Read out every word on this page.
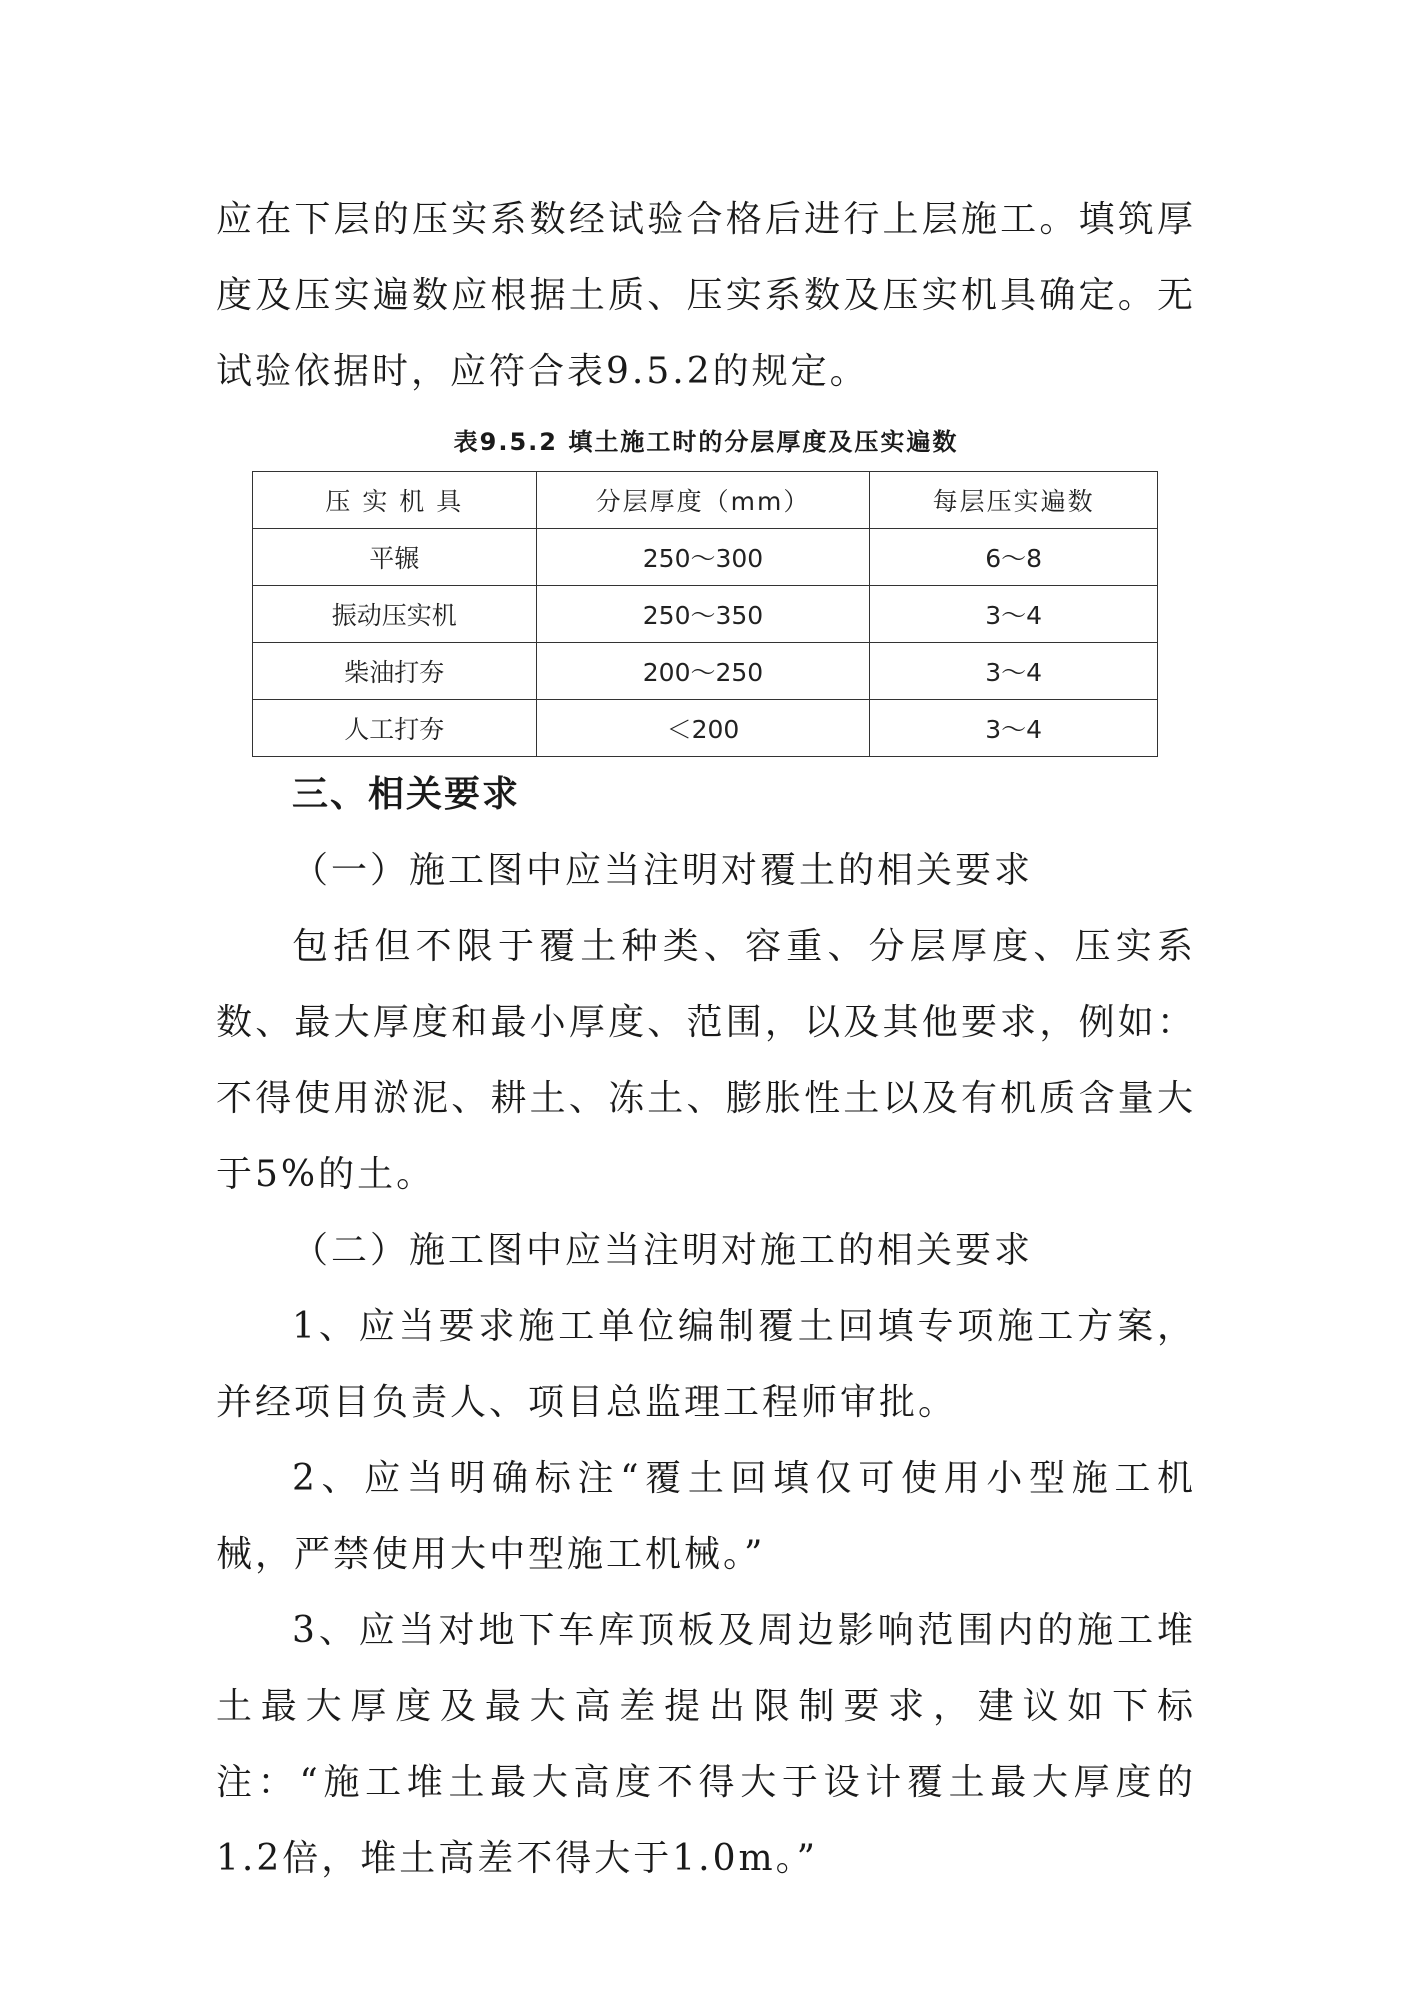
应在下层的压实系数经试验合格后进行上层施工。填筑厚度及压实遍数应根据土质、压实系数及压实机具确定。无试验依据时，应符合表9.5.2的规定。

表9.5.2 填土施工时的分层厚度及压实遍数
压 实 机 具	分层厚度（mm）	每层压实遍数
平辗	250～300	6～8
振动压实机	250～350	3～4
柴油打夯	200～250	3～4
人工打夯	＜200	3～4

三、相关要求

（一）施工图中应当注明对覆土的相关要求

包括但不限于覆土种类、容重、分层厚度、压实系数、最大厚度和最小厚度、范围，以及其他要求，例如：不得使用淤泥、耕土、冻土、膨胀性土以及有机质含量大于5%的土。

（二）施工图中应当注明对施工的相关要求

1、应当要求施工单位编制覆土回填专项施工方案，并经项目负责人、项目总监理工程师审批。

2、应当明确标注“覆土回填仅可使用小型施工机械，严禁使用大中型施工机械。”

3、应当对地下车库顶板及周边影响范围内的施工堆土最大厚度及最大高差提出限制要求，建议如下标注：“施工堆土最大高度不得大于设计覆土最大厚度的1.2倍，堆土高差不得大于1.0m。”
